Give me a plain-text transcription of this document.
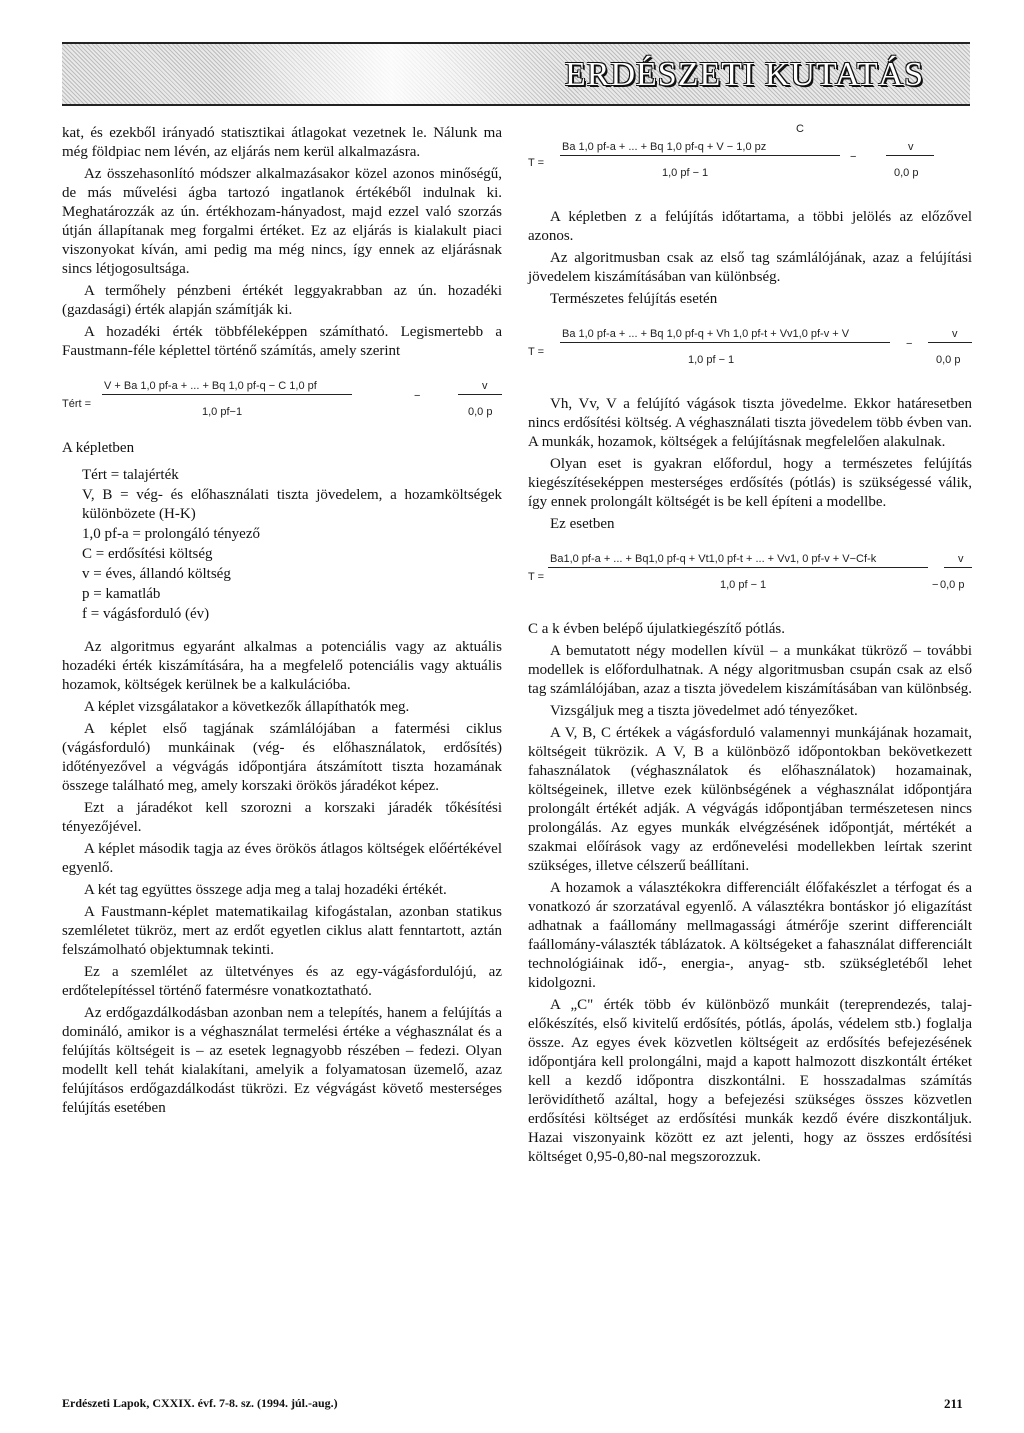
ERDÉSZETI KUTATÁS

kat, és ezekből irányadó statisztikai átlagokat vezetnek le. Nálunk ma még földpiac nem lévén, az eljárás nem kerül alkalmazásra.

Az összehasonlító módszer alkalmazásakor közel azonos minőségű, de más művelési ágba tartozó ingatlanok értékéből indulnak ki. Meghatározzák az ún. értékhozam-hányadost, majd ezzel való szorzás útján állapítanak meg forgalmi értéket. Ez az eljárás is kialakult piaci viszonyokat kíván, ami pedig ma még nincs, így ennek az eljárásnak sincs létjogosultsága.

A termőhely pénzbeni értékét leggyakrabban az ún. hozadéki (gazdasági) érték alapján számítják ki.

A hozadéki érték többféleképpen számítható. Legismertebb a Faustmann-féle képlettel történő számítás, amely szerint

Tért =
V + Ba 1,0 pf-a + ... + Bq 1,0 pf-q − C 1,0 pf
1,0 pf−1
−
v
0,0 p

A képletben

Tért = talajérték
V, B = vég- és előhasználati tiszta jövedelem, a hozamköltségek különbözete (H-K)
1,0 pf-a = prolongáló tényező
C = erdősítési költség
v = éves, állandó költség
p = kamatláb
f = vágásforduló (év)

Az algoritmus egyaránt alkalmas a potenciális vagy az aktuális hozadéki érték kiszámítására, ha a megfelelő potenciális vagy aktuális hozamok, költségek kerülnek be a kalkulációba.

A képlet vizsgálatakor a következők állapíthatók meg.

A képlet első tagjának számlálójában a fatermési ciklus (vágásforduló) munkáinak (vég- és előhasználatok, erdősítés) időtényezővel a végvágás időpontjára átszámított tiszta hozamának összege található meg, amely korszaki örökös járadékot képez.

Ezt a járadékot kell szorozni a korszaki járadék tőkésítési tényezőjével.

A képlet második tagja az éves örökös átlagos költségek előértékével egyenlő.

A két tag együttes összege adja meg a talaj hozadéki értékét.

A Faustmann-képlet matematikailag kifogástalan, azonban statikus szemléletet tükröz, mert az erdőt egyetlen ciklus alatt fenntartott, aztán felszámolható objektumnak tekinti.

Ez a szemlélet az ültetvényes és az egy-vágásfordulójú, az erdőtelepítéssel történő fatermésre vonatkoztatható.

Az erdőgazdálkodásban azonban nem a telepítés, hanem a felújítás a domináló, amikor is a véghasználat termelési értéke a véghasználat és a felújítás költségeit is – az esetek legnagyobb részében – fedezi. Olyan modellt kell tehát kialakítani, amelyik a folyamatosan üzemelő, azaz felújításos erdőgazdálkodást tükrözi. Ez végvágást követő mesterséges felújítás esetében

C
T =
Ba 1,0 pf-a + ... + Bq 1,0 pf-q + V − 1,0 pz
1,0 pf − 1
−
v
0,0 p

A képletben z a felújítás időtartama, a többi jelölés az előzővel azonos.

Az algoritmusban csak az első tag számlálójának, azaz a felújítási jövedelem kiszámításában van különbség.

Természetes felújítás esetén

T =
Ba 1,0 pf-a + ... + Bq 1,0 pf-q + Vh 1,0 pf-t + Vv1,0 pf-v + V
1,0 pf − 1
−
v
0,0 p

Vh, Vv, V a felújító vágások tiszta jövedelme. Ekkor határesetben nincs erdősítési költség. A véghasználati tiszta jövedelem több évben van. A munkák, hozamok, költségek a felújításnak megfelelően alakulnak.

Olyan eset is gyakran előfordul, hogy a természetes felújítás kiegészítéseképpen mesterséges erdősítés (pótlás) is szükségessé válik, így ennek prolongált költségét is be kell építeni a modellbe.

Ez esetben

T =
Ba1,0 pf-a + ... + Bq1,0 pf-q + Vt1,0 pf-t + ... + Vv1, 0 pf-v + V−Cf-k
1,0 pf − 1	−
v
0,0 p

C a k évben belépő újulatkiegészítő pótlás.

A bemutatott négy modellen kívül – a munkákat tükröző – további modellek is előfordulhatnak. A négy algoritmusban csupán csak az első tag számlálójában, azaz a tiszta jövedelem kiszámításában van különbség.

Vizsgáljuk meg a tiszta jövedelmet adó tényezőket.

A V, B, C értékek a vágásforduló valamennyi munkájának hozamait, költségeit tükrözik. A V, B a különböző időpontokban bekövetkezett fahasználatok (véghasználatok és előhasználatok) hozamainak, költségeinek, illetve ezek különbségének a véghasználat időpontjára prolongált értékét adják. A végvágás időpontjában természetesen nincs prolongálás. Az egyes munkák elvégzésének időpontját, mértékét a szakmai előírások vagy az erdőnevelési modellekben leírtak szerint szükséges, illetve célszerű beállítani.

A hozamok a választékokra differenciált élőfakészlet a térfogat és a vonatkozó ár szorzatával egyenlő. A választékra bontáskor jó eligazítást adhatnak a faállomány mellmagassági átmérője szerint differenciált faállomány-választék táblázatok. A költségeket a fahasználat differenciált technológiáinak idő-, energia-, anyag- stb. szükségletéből lehet kidolgozni.

A „C" érték több év különböző munkáit (tereprendezés, talaj-előkészítés, első kivitelű erdősítés, pótlás, ápolás, védelem stb.) foglalja össze. Az egyes évek közvetlen költségeit az erdősítés befejezésének időpontjára kell prolongálni, majd a kapott halmozott diszkontált értéket kell a kezdő időpontra diszkontálni. E hosszadalmas számítás lerövidíthető azáltal, hogy a befejezési szükséges összes közvetlen erdősítési költséget az erdősítési munkák kezdő évére diszkontáljuk. Hazai viszonyaink között ez azt jelenti, hogy az összes erdősítési költséget 0,95-0,80-nal megszorozzuk.

Erdészeti Lapok, CXXIX. évf. 7-8. sz. (1994. júl.-aug.)	211
